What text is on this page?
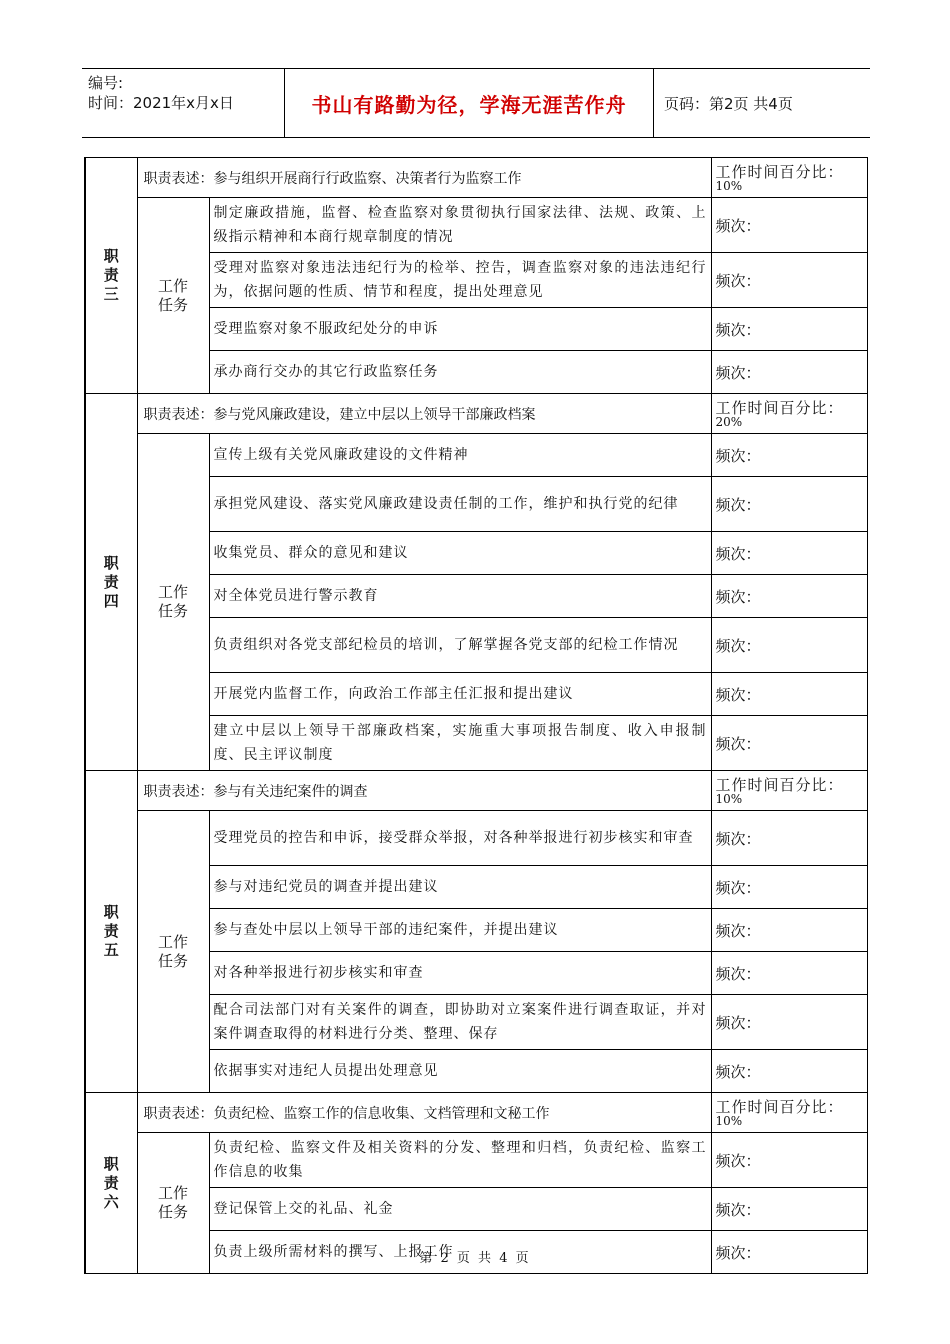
编号:
时间：2021年x月x日	书山有路勤为径，学海无涯苦作舟	页码：第2页 共4页
职责三	职责表述：参与组织开展商行行政监察、决策者行为监察工作		工作时间百分比：
10%

	工作任务	制定廉政措施，监督、检查监察对象贯彻执行国家法律、法规、政策、上级指示精神和本商行规章制度的情况	频次：
		受理对监察对象违法违纪行为的检举、控告，调查监察对象的违法违纪行为，依据问题的性质、情节和程度，提出处理意见	频次：
		受理监察对象不服政纪处分的申诉	频次：
		承办商行交办的其它行政监察任务	频次：
职责四	职责表述：参与党风廉政建设，建立中层以上领导干部廉政档案		工作时间百分比：
20%

	工作任务	宣传上级有关党风廉政建设的文件精神	频次：
		承担党风建设、落实党风廉政建设责任制的工作，维护和执行党的纪律	频次：
		收集党员、群众的意见和建议	频次：
		对全体党员进行警示教育	频次：
		负责组织对各党支部纪检员的培训，了解掌握各党支部的纪检工作情况	频次：
		开展党内监督工作，向政治工作部主任汇报和提出建议	频次：
		建立中层以上领导干部廉政档案，实施重大事项报告制度、收入申报制度、民主评议制度	频次：
职责五	职责表述：参与有关违纪案件的调查		工作时间百分比：
10%

	工作任务	受理党员的控告和申诉，接受群众举报，对各种举报进行初步核实和审查	频次：
		参与对违纪党员的调查并提出建议	频次：
		参与查处中层以上领导干部的违纪案件，并提出建议	频次：
		对各种举报进行初步核实和审查	频次：
		配合司法部门对有关案件的调查，即协助对立案案件进行调查取证，并对案件调查取得的材料进行分类、整理、保存	频次：
		依据事实对违纪人员提出处理意见	频次：
职责六	职责表述：负责纪检、监察工作的信息收集、文档管理和文秘工作		工作时间百分比：
10%

	工作任务	负责纪检、监察文件及相关资料的分发、整理和归档，负责纪检、监察工作信息的收集	频次：
		登记保管上交的礼品、礼金	频次：
		负责上级所需材料的撰写、上报工作	频次：
第 2 页 共 4 页
